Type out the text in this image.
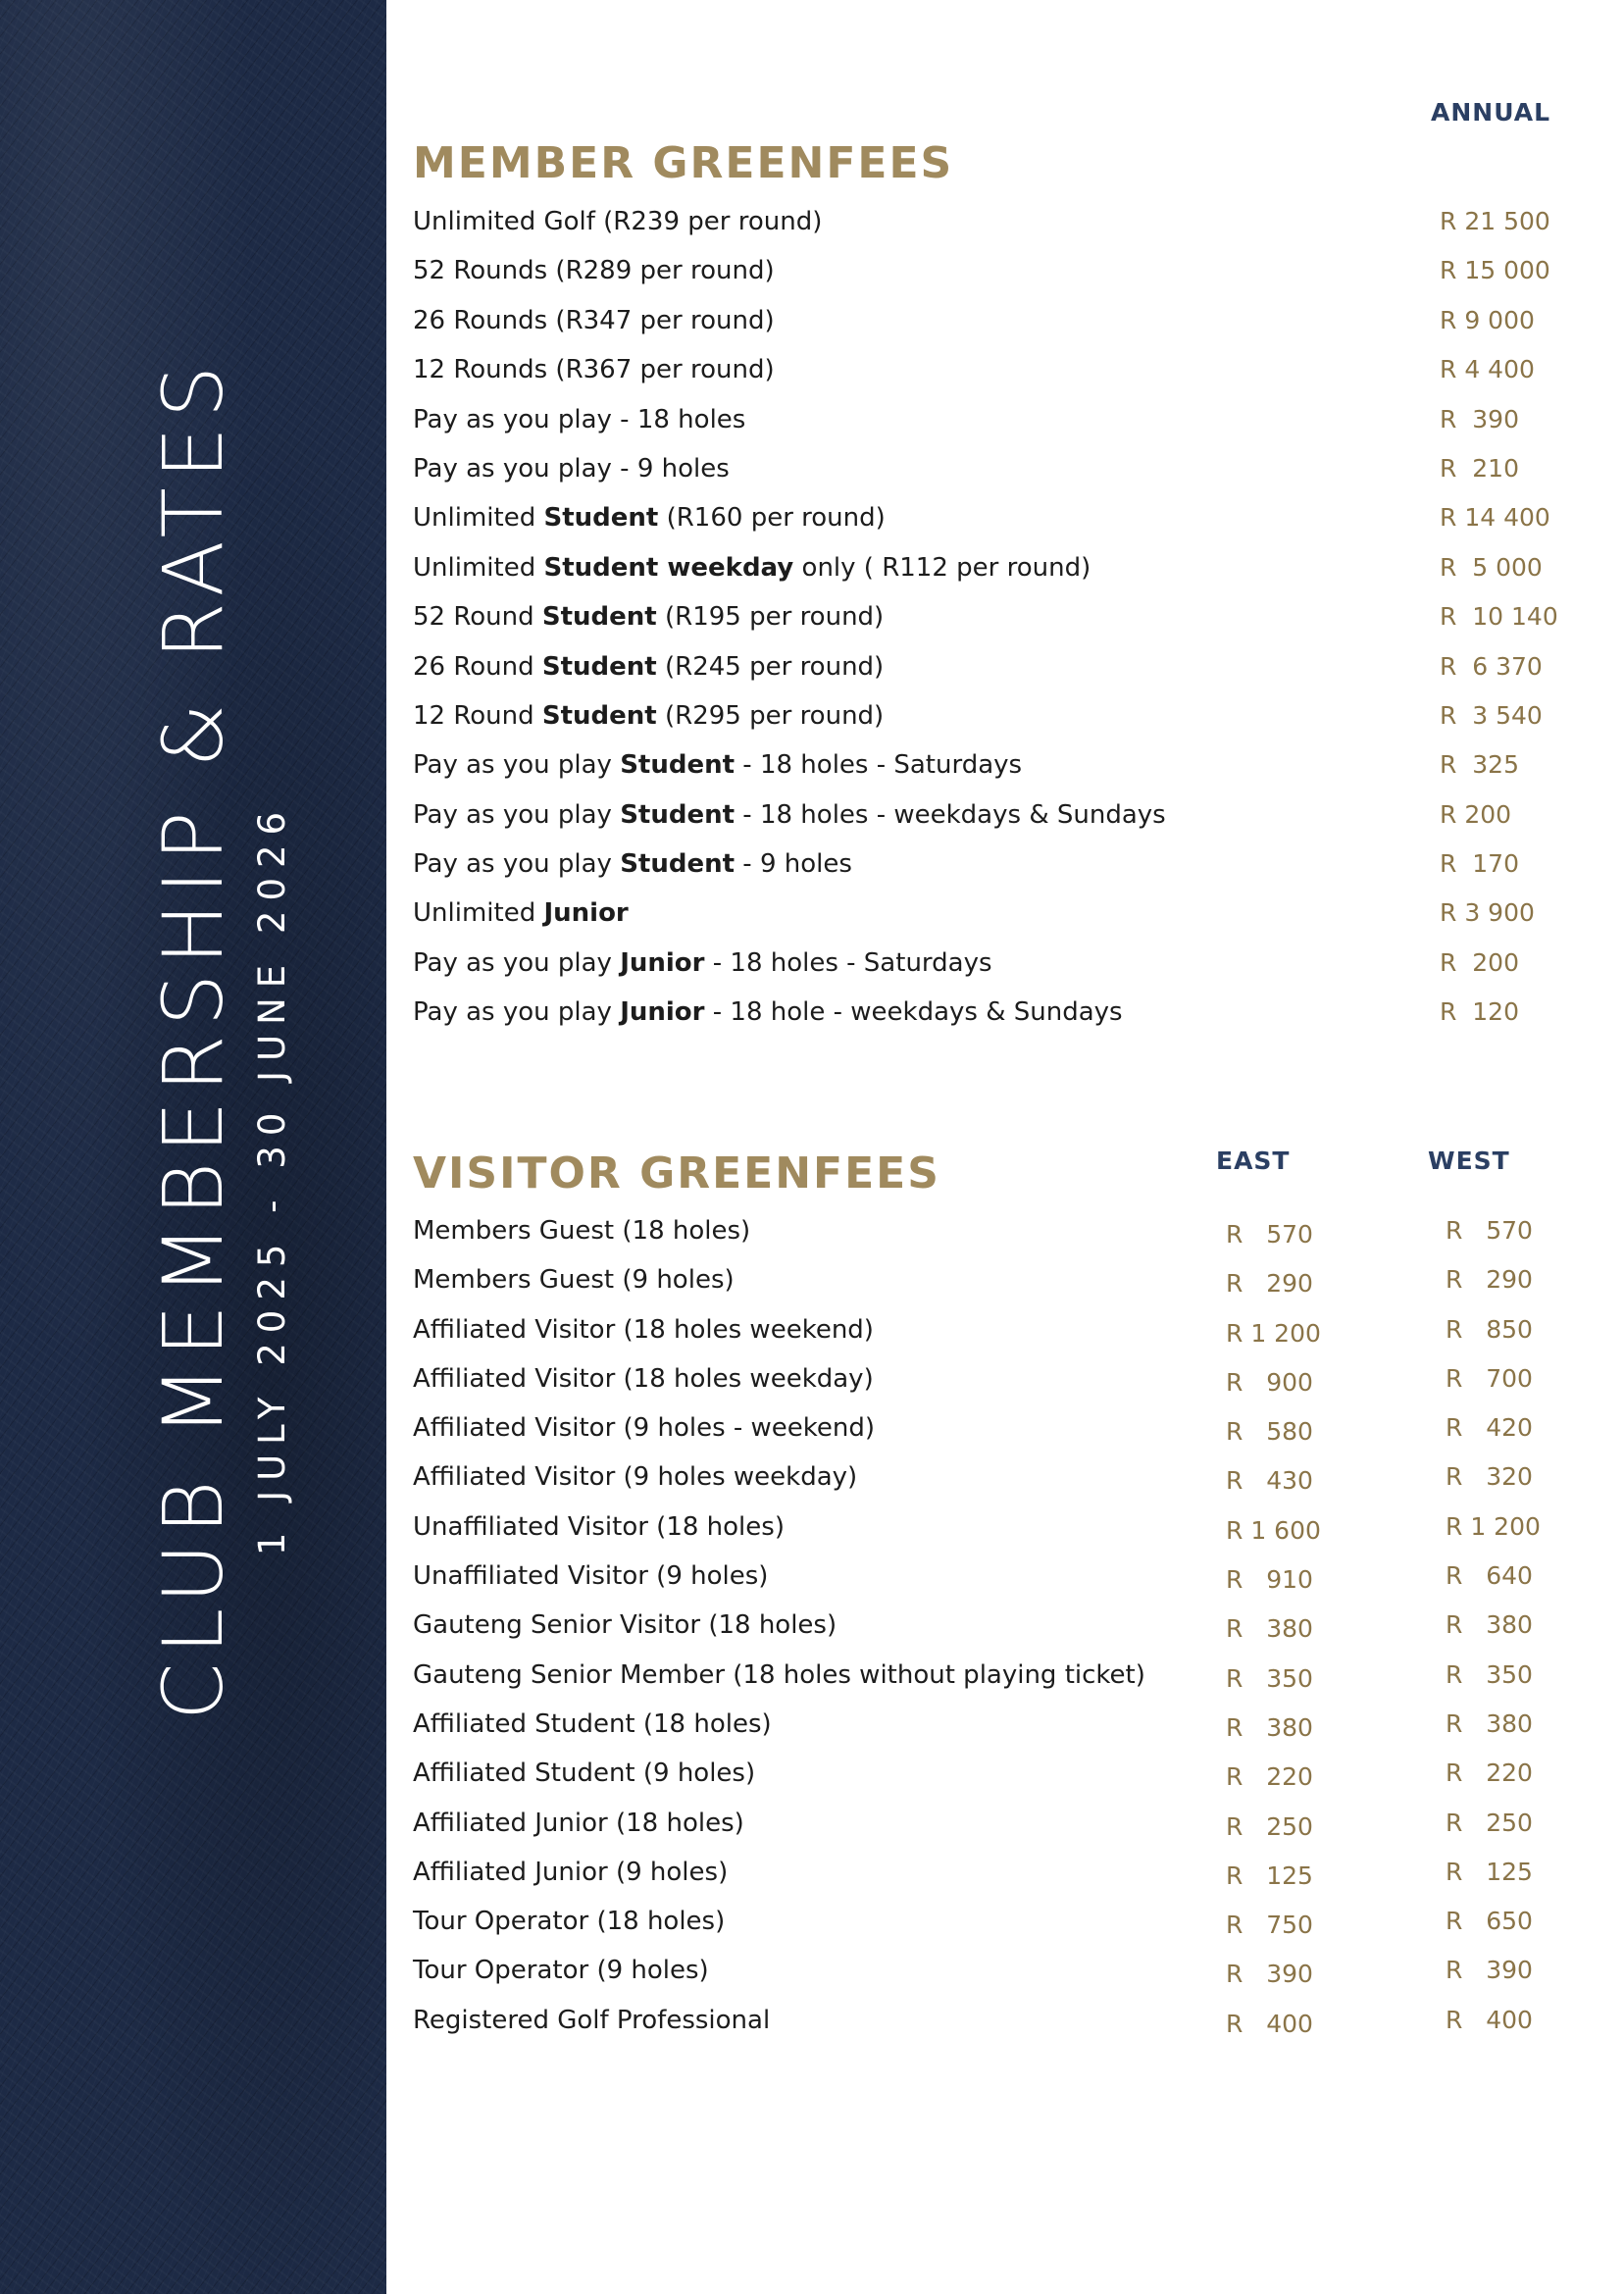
CLUB MEMBERSHIP & RATES 1 JULY 2025 - 30 JUNE 2026
ANNUAL
MEMBER GREENFEES
Unlimited Golf (R239 per round)	R 21 500
52 Rounds (R289 per round)	R 15 000
26 Rounds (R347 per round)	R 9 000
12 Rounds (R367 per round)	R 4 400
Pay as you play - 18 holes	R  390
Pay as you play - 9 holes	R  210
Unlimited Student (R160 per round)	R 14 400
Unlimited Student weekday only ( R112 per round)	R  5 000
52 Round Student (R195 per round)	R  10 140
26 Round Student (R245 per round)	R  6 370
12 Round Student (R295 per round)	R  3 540
Pay as you play Student - 18 holes - Saturdays	R  325
Pay as you play Student - 18 holes - weekdays & Sundays	R 200
Pay as you play Student - 9 holes	R  170
Unlimited Junior	R 3 900
Pay as you play Junior - 18 holes - Saturdays	R  200
Pay as you play Junior - 18 hole - weekdays & Sundays	R  120
VISITOR GREENFEES	EAST	WEST
Members Guest (18 holes)	R   570	R   570
Members Guest (9 holes)	R   290	R   290
Affiliated Visitor (18 holes weekend)	R 1 200	R   850
Affiliated Visitor (18 holes weekday)	R   900	R   700
Affiliated Visitor (9 holes - weekend)	R   580	R   420
Affiliated Visitor (9 holes weekday)	R   430	R   320
Unaffiliated Visitor (18 holes)	R 1 600	R 1 200
Unaffiliated Visitor (9 holes)	R   910	R   640
Gauteng Senior Visitor (18 holes)	R   380	R   380
Gauteng Senior Member (18 holes without playing ticket)	R   350	R   350
Affiliated Student (18 holes)	R   380	R   380
Affiliated Student (9 holes)	R   220	R   220
Affiliated Junior (18 holes)	R   250	R   250
Affiliated Junior (9 holes)	R   125	R   125
Tour Operator (18 holes)	R   750	R   650
Tour Operator (9 holes)	R   390	R   390
Registered Golf Professional	R   400	R   400
